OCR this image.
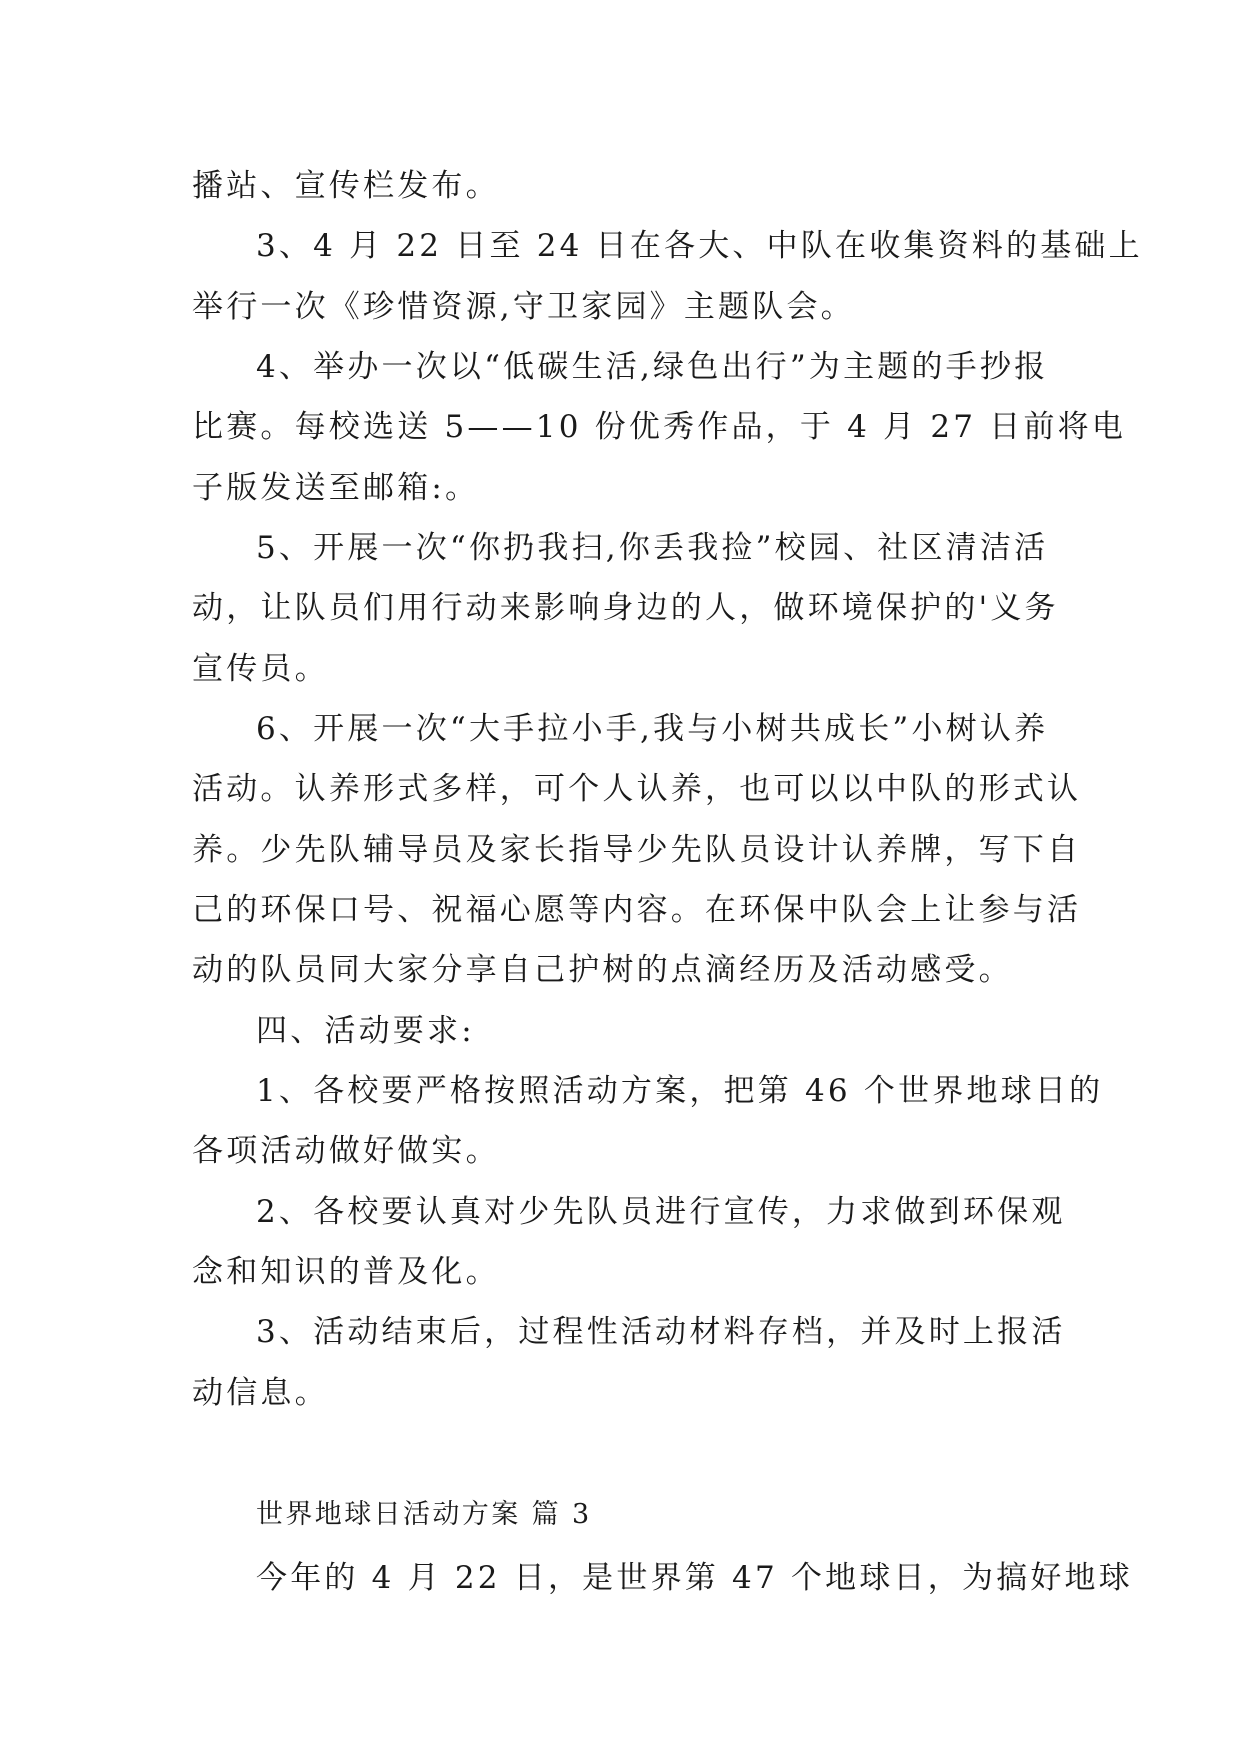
播站、宣传栏发布。
3、4 月 22 日至 24 日在各大、中队在收集资料的基础上
举行一次《珍惜资源,守卫家园》主题队会。
4、举办一次以“低碳生活,绿色出行”为主题的手抄报
比赛。每校选送 5——10 份优秀作品，于 4 月 27 日前将电
子版发送至邮箱:。
5、开展一次“你扔我扫,你丢我捡”校园、社区清洁活
动，让队员们用行动来影响身边的人，做环境保护的'义务
宣传员。
6、开展一次“大手拉小手,我与小树共成长”小树认养
活动。认养形式多样，可个人认养，也可以以中队的形式认
养。少先队辅导员及家长指导少先队员设计认养牌，写下自
己的环保口号、祝福心愿等内容。在环保中队会上让参与活
动的队员同大家分享自己护树的点滴经历及活动感受。
四、活动要求:
1、各校要严格按照活动方案，把第 46 个世界地球日的
各项活动做好做实。
2、各校要认真对少先队员进行宣传，力求做到环保观
念和知识的普及化。
3、活动结束后，过程性活动材料存档，并及时上报活
动信息。
世界地球日活动方案 篇 3
今年的 4 月 22 日，是世界第 47 个地球日，为搞好地球
